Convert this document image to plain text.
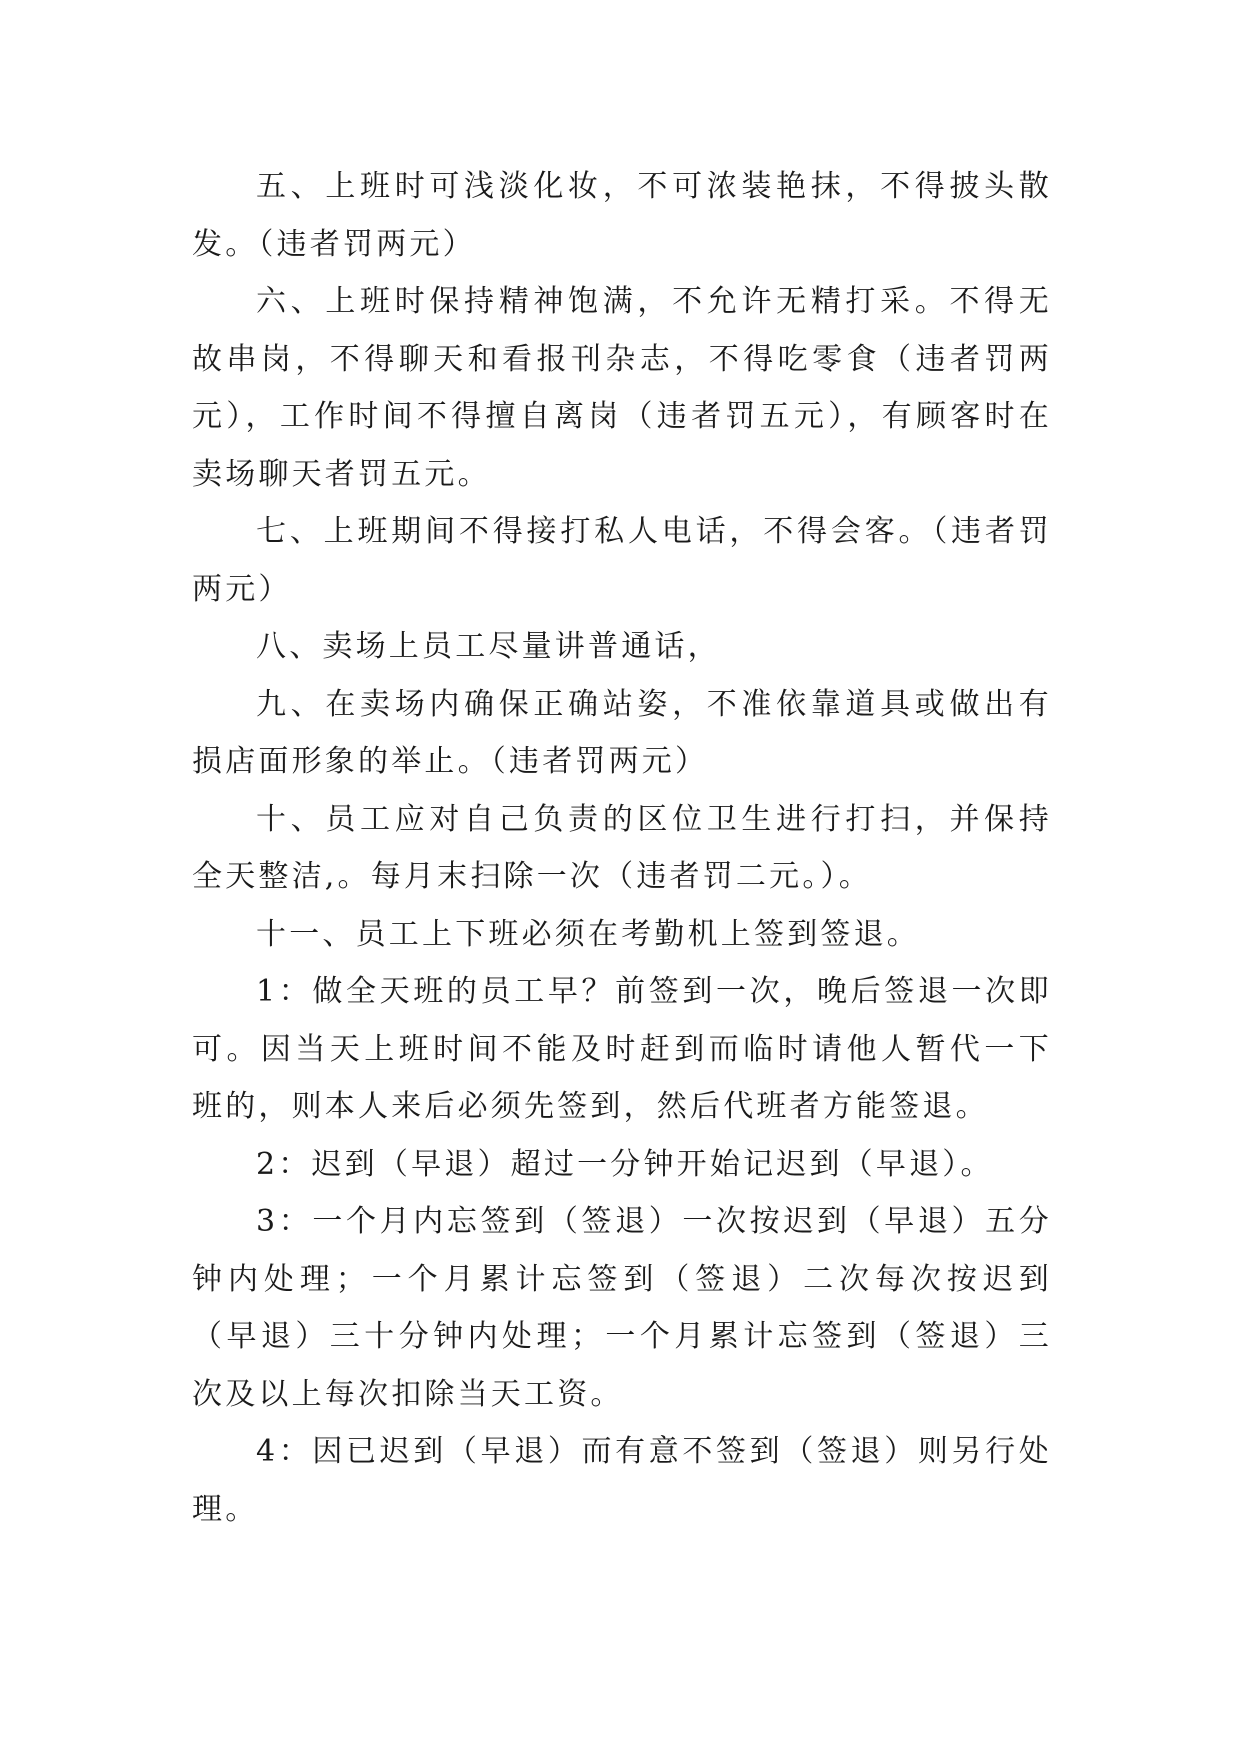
五、上班时可浅淡化妆，不可浓装艳抹，不得披头散发。（违者罚两元）

六、上班时保持精神饱满，不允许无精打采。不得无故串岗，不得聊天和看报刊杂志，不得吃零食（违者罚两元），工作时间不得擅自离岗（违者罚五元），有顾客时在卖场聊天者罚五元。

七、上班期间不得接打私人电话，不得会客。（违者罚两元）

八、卖场上员工尽量讲普通话，

九、在卖场内确保正确站姿，不准依靠道具或做出有损店面形象的举止。（违者罚两元）

十、员工应对自己负责的区位卫生进行打扫，并保持全天整洁,。每月末扫除一次（违者罚二元。）。

十一、员工上下班必须在考勤机上签到签退。

1：做全天班的员工早？前签到一次，晚后签退一次即可。因当天上班时间不能及时赶到而临时请他人暂代一下班的，则本人来后必须先签到，然后代班者方能签退。

2：迟到（早退）超过一分钟开始记迟到（早退）。

3：一个月内忘签到（签退）一次按迟到（早退）五分钟内处理；一个月累计忘签到（签退）二次每次按迟到（早退）三十分钟内处理；一个月累计忘签到（签退）三次及以上每次扣除当天工资。

4：因已迟到（早退）而有意不签到（签退）则另行处理。
